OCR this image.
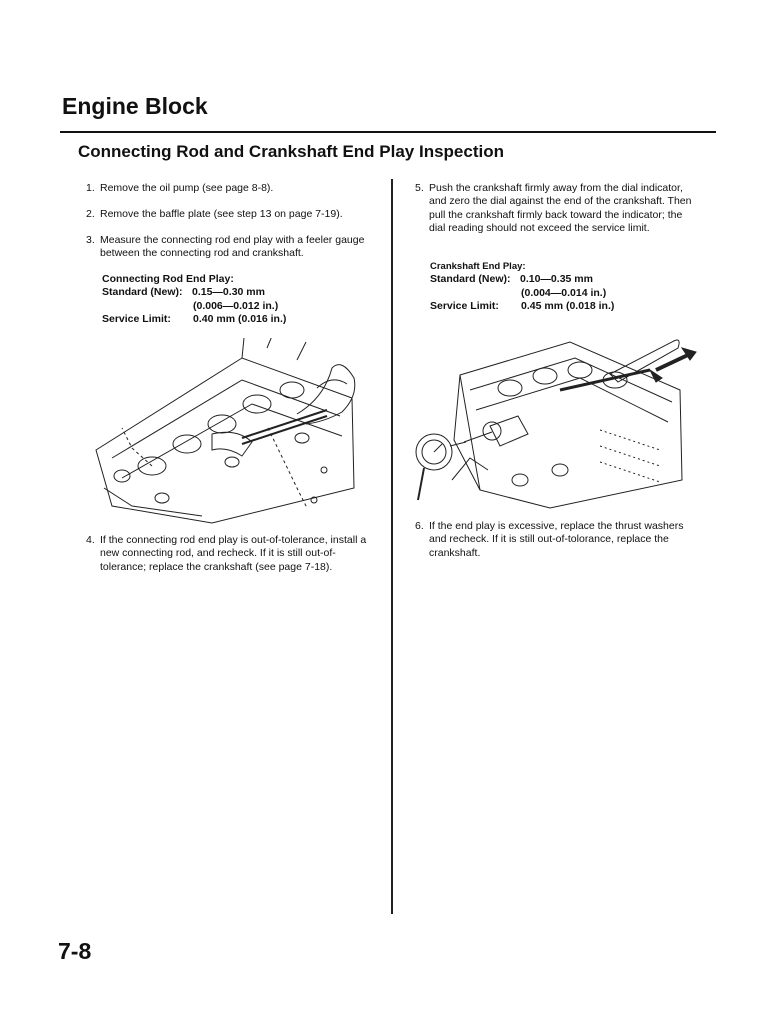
Engine Block
Connecting Rod and Crankshaft End Play Inspection
1. Remove the oil pump (see page 8-8).
2. Remove the baffle plate (see step 13 on page 7-19).
3. Measure the connecting rod end play with a feeler gauge between the connecting rod and crankshaft.
Connecting Rod End Play:
Standard (New): 0.15—0.30 mm
(0.006—0.012 in.)
Service Limit: 0.40 mm (0.016 in.)
4. If the connecting rod end play is out-of-tolerance, install a new connecting rod, and recheck. If it is still out-of-tolerance; replace the crankshaft (see page 7-18).
5. Push the crankshaft firmly away from the dial indicator, and zero the dial against the end of the crankshaft. Then pull the crankshaft firmly back toward the indicator; the dial reading should not exceed the service limit.
Crankshaft End Play:
Standard (New): 0.10—0.35 mm
(0.004—0.014 in.)
Service Limit: 0.45 mm (0.018 in.)
6. If the end play is excessive, replace the thrust washers and recheck. If it is still out-of-tolorance, replace the crankshaft.
7-8
